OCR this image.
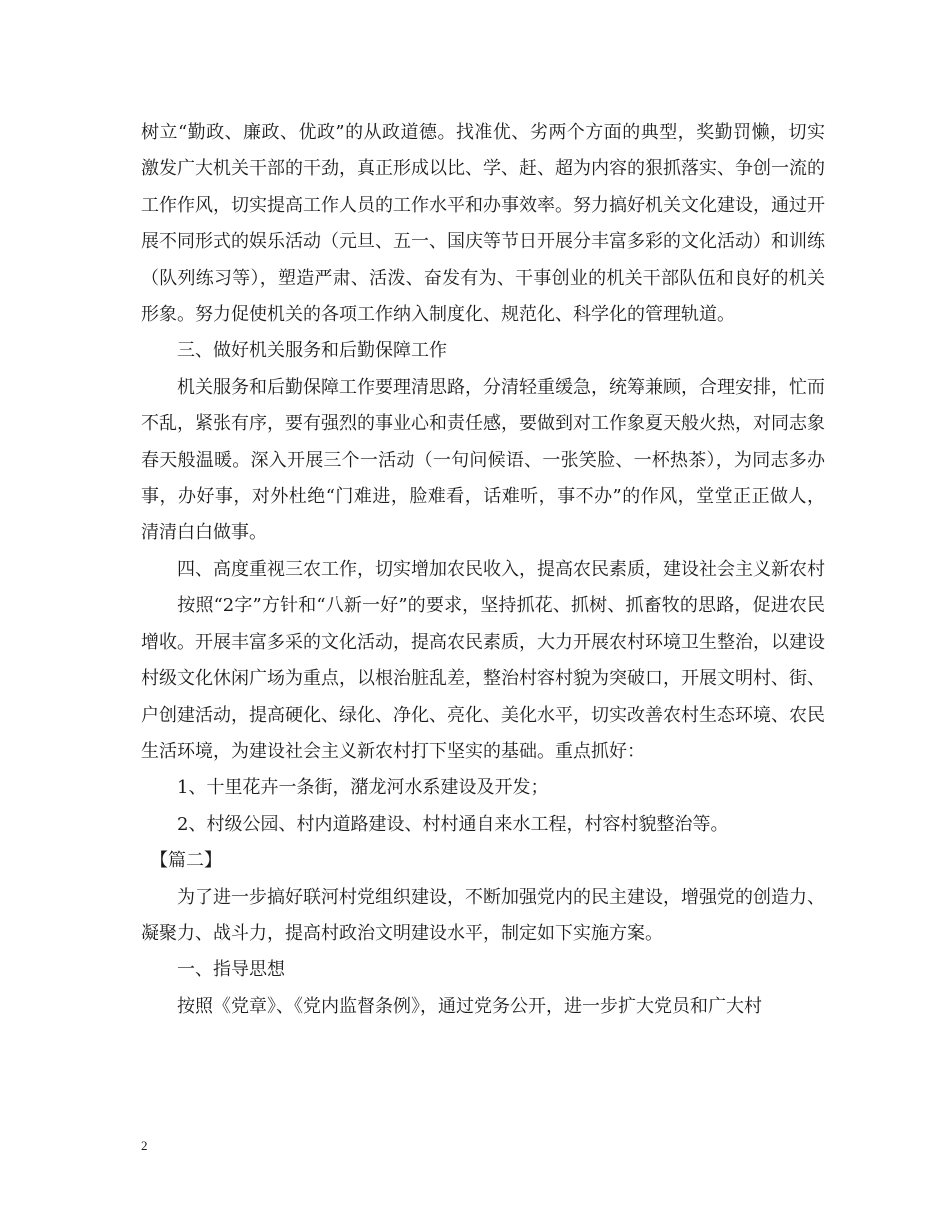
树立“勤政、廉政、优政”的从政道德。找准优、劣两个方面的典型，奖勤罚懒，切实激发广大机关干部的干劲，真正形成以比、学、赶、超为内容的狠抓落实、争创一流的工作作风，切实提高工作人员的工作水平和办事效率。努力搞好机关文化建设，通过开展不同形式的娱乐活动（元旦、五一、国庆等节日开展分丰富多彩的文化活动）和训练（队列练习等），塑造严肃、活泼、奋发有为、干事创业的机关干部队伍和良好的机关形象。努力促使机关的各项工作纳入制度化、规范化、科学化的管理轨道。

　　三、做好机关服务和后勤保障工作

　　机关服务和后勤保障工作要理清思路，分清轻重缓急，统筹兼顾，合理安排，忙而不乱，紧张有序，要有强烈的事业心和责任感，要做到对工作象夏天般火热，对同志象春天般温暖。深入开展三个一活动（一句问候语、一张笑脸、一杯热茶），为同志多办事，办好事，对外杜绝“门难进，脸难看，话难听，事不办”的作风，堂堂正正做人，清清白白做事。

　　四、高度重视三农工作，切实增加农民收入，提高农民素质，建设社会主义新农村

　　按照“2字”方针和“八新一好”的要求，坚持抓花、抓树、抓畜牧的思路，促进农民增收。开展丰富多采的文化活动，提高农民素质，大力开展农村环境卫生整治，以建设村级文化休闲广场为重点，以根治脏乱差，整治村容村貌为突破口，开展文明村、街、户创建活动，提高硬化、绿化、净化、亮化、美化水平，切实改善农村生态环境、农民生活环境，为建设社会主义新农村打下坚实的基础。重点抓好：

　　1、十里花卉一条街，潴龙河水系建设及开发；

　　2、村级公园、村内道路建设、村村通自来水工程，村容村貌整治等。

　【篇二】

　　为了进一步搞好联河村党组织建设，不断加强党内的民主建设，增强党的创造力、凝聚力、战斗力，提高村政治文明建设水平，制定如下实施方案。

　　一、指导思想

　　按照《党章》、《党内监督条例》，通过党务公开，进一步扩大党员和广大村

2
